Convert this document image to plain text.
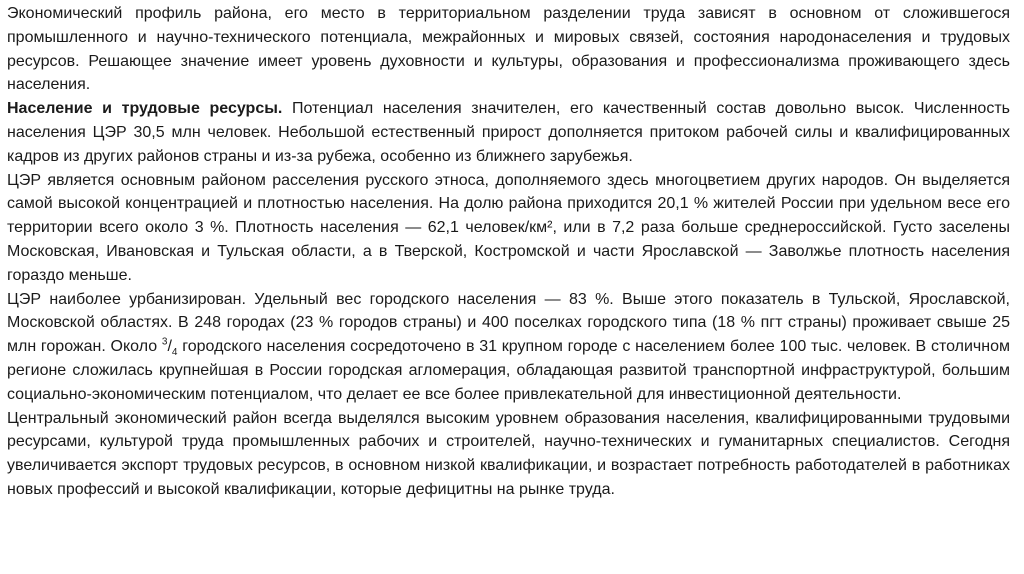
Экономический профиль района, его место в территориальном разделении труда зависят в основном от сложившегося промышленного и научно-технического потенциала, межрайонных и мировых связей, состояния народонаселения и трудовых ресурсов. Решающее значение имеет уровень духовности и культуры, образования и профессионализма проживающего здесь населения.

Население и трудовые ресурсы. Потенциал населения значителен, его качественный состав довольно высок. Численность населения ЦЭР 30,5 млн человек. Небольшой естественный прирост дополняется притоком рабочей силы и квалифицированных кадров из других районов страны и из-за рубежа, особенно из ближнего зарубежья.

ЦЭР является основным районом расселения русского этноса, дополняемого здесь многоцветием других народов. Он выделяется самой высокой концентрацией и плотностью населения. На долю района приходится 20,1 % жителей России при удельном весе его территории всего около 3 %. Плотность населения — 62,1 человек/км², или в 7,2 раза больше среднероссийской. Густо заселены Московская, Ивановская и Тульская области, а в Тверской, Костромской и части Ярославской — Заволжье плотность населения гораздо меньше.

ЦЭР наиболее урбанизирован. Удельный вес городского населения — 83 %. Выше этого показатель в Тульской, Ярославской, Московской областях. В 248 городах (23 % городов страны) и 400 поселках городского типа (18 % пгт страны) проживает свыше 25 млн горожан. Около $^3/_4$ городского населения сосредоточено в 31 крупном городе с населением более 100 тыс. человек. В столичном регионе сложилась крупнейшая в России городская агломерация, обладающая развитой транспортной инфраструктурой, большим социально-экономическим потенциалом, что делает ее все более привлекательной для инвестиционной деятельности.

Центральный экономический район всегда выделялся высоким уровнем образования населения, квалифицированными трудовыми ресурсами, культурой труда промышленных рабочих и строителей, научно-технических и гуманитарных специалистов. Сегодня увеличивается экспорт трудовых ресурсов, в основном низкой квалификации, и возрастает потребность работодателей в работниках новых профессий и высокой квалификации, которые дефицитны на рынке труда.
